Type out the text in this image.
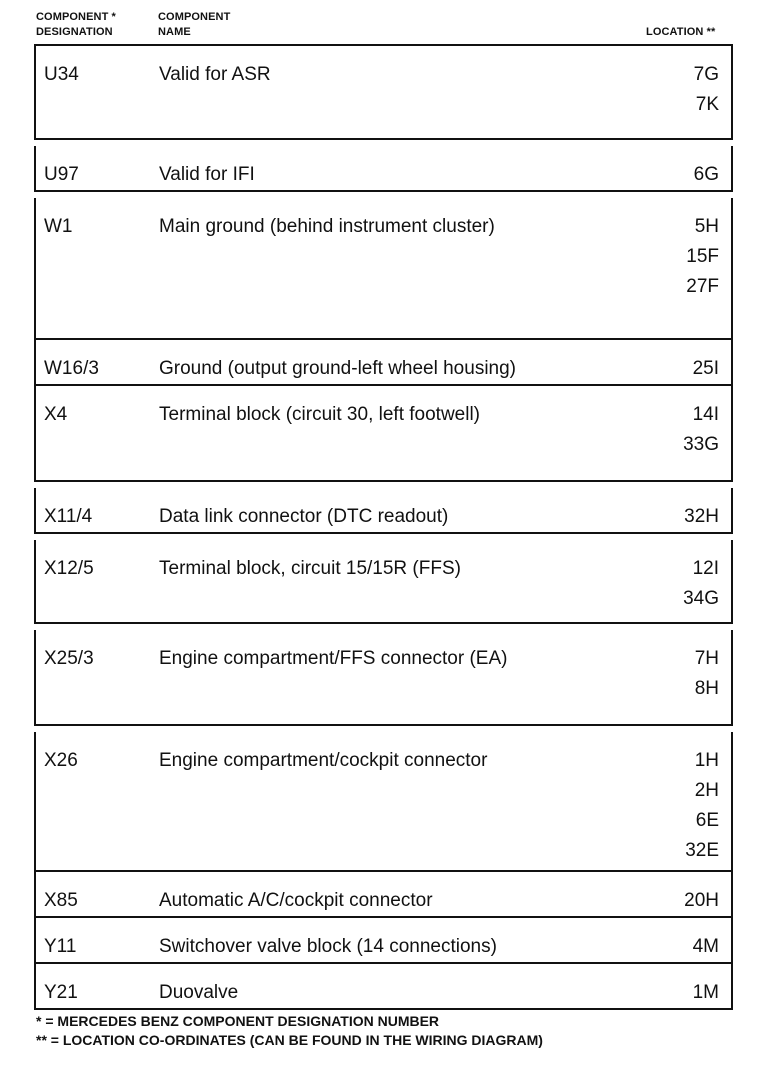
COMPONENT *
DESIGNATION
COMPONENT
NAME	LOCATION **
U34	Valid for ASR	7G
7K
U97	Valid for IFI	6G
W1	Main ground (behind instrument cluster)	5H
15F
27F
W16/3	Ground (output ground-left wheel housing)	25I
X4	Terminal block (circuit 30, left footwell)	14I
33G
X11/4	Data link connector (DTC readout)	32H
X12/5	Terminal block, circuit 15/15R (FFS)	12I
34G
X25/3	Engine compartment/FFS connector (EA)	7H
8H
X26	Engine compartment/cockpit connector	1H
2H
6E
32E
X85	Automatic A/C/cockpit connector	20H
Y11	Switchover valve block (14 connections)	4M
Y21	Duovalve	1M
* = MERCEDES BENZ COMPONENT DESIGNATION NUMBER
** = LOCATION CO-ORDINATES (CAN BE FOUND IN THE WIRING DIAGRAM)
